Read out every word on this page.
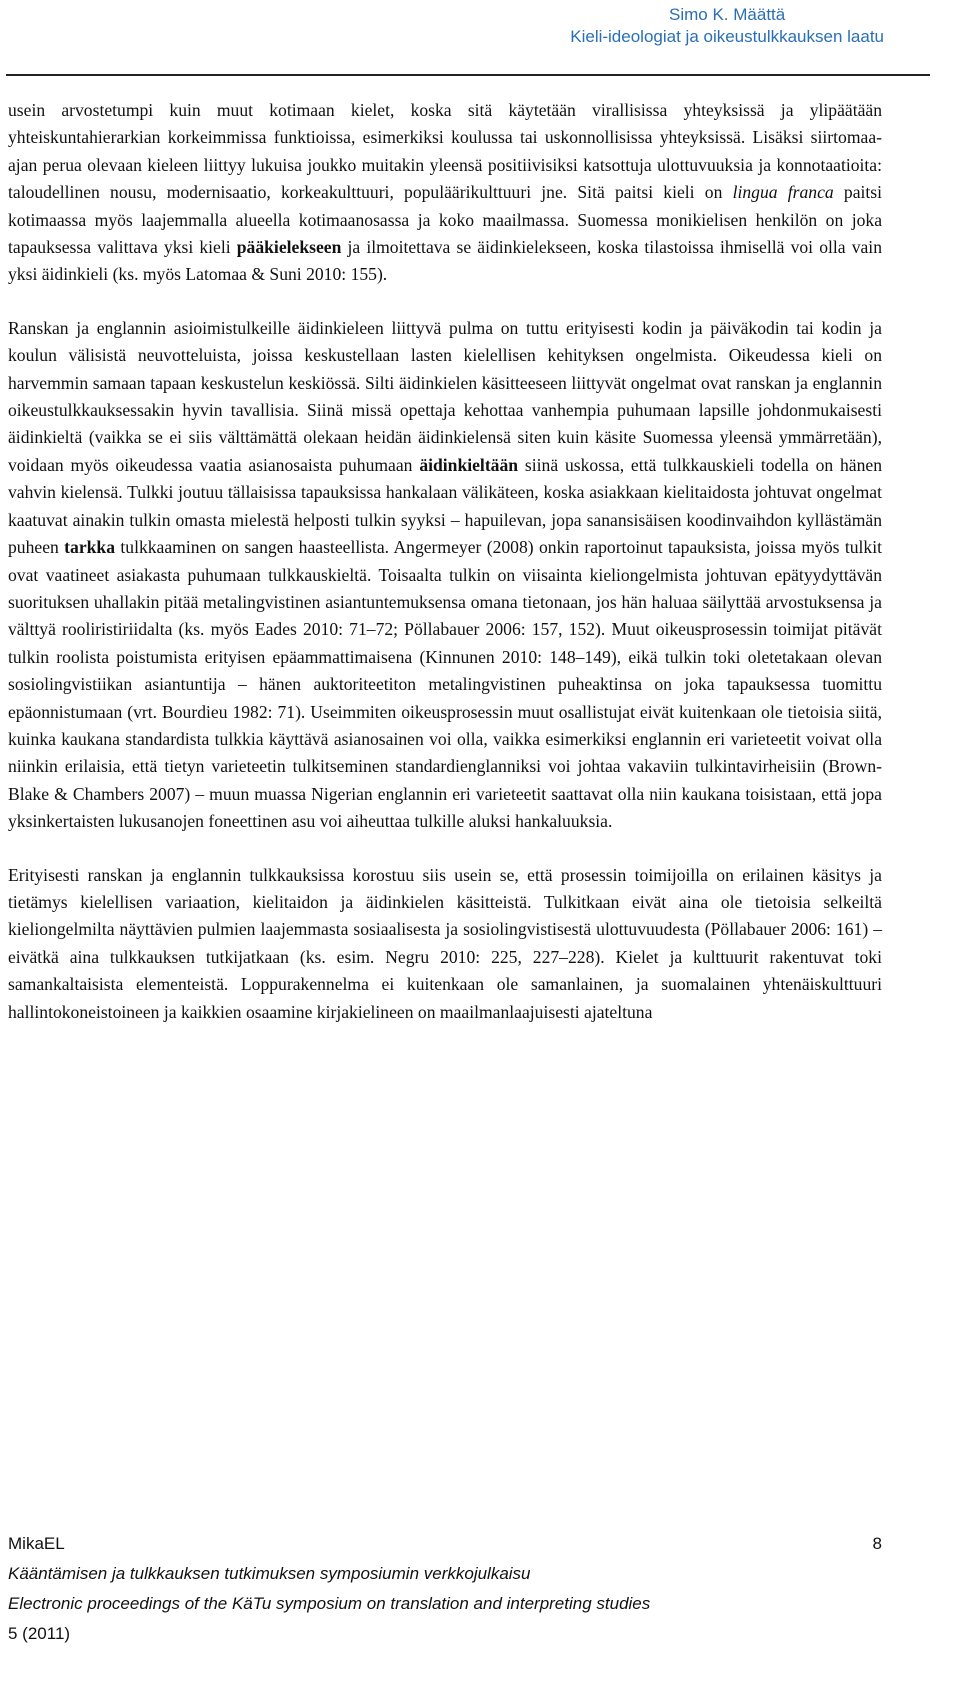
Simo K. Määttä
Kieli-ideologiat ja oikeustulkkauksen laatu

usein arvostetumpi kuin muut kotimaan kielet, koska sitä käytetään virallisissa yhteyksissä ja ylipäätään yhteiskuntahierarkian korkeimmissa funktioissa, esimerkiksi koulussa tai uskonnollisissa yhteyksissä. Lisäksi siirtomaa-ajan perua olevaan kieleen liittyy lukuisa joukko muitakin yleensä positiivisiksi katsottuja ulottuvuuksia ja konnotaatioita: taloudellinen nousu, modernisaatio, korkeakulttuuri, populäärikulttuuri jne. Sitä paitsi kieli on lingua franca paitsi kotimaassa myös laajemmalla alueella kotimaanosassa ja koko maailmassa. Suomessa monikielisen henkilön on joka tapauksessa valittava yksi kieli pääkielekseen ja ilmoitettava se äidinkielekseen, koska tilastoissa ihmisellä voi olla vain yksi äidinkieli (ks. myös Latomaa & Suni 2010: 155).

Ranskan ja englannin asioimistulkeille äidinkieleen liittyvä pulma on tuttu erityisesti kodin ja päiväkodin tai kodin ja koulun välisistä neuvotteluista, joissa keskustellaan lasten kielellisen kehityksen ongelmista. Oikeudessa kieli on harvemmin samaan tapaan keskustelun keskiössä. Silti äidinkielen käsitteeseen liittyvät ongelmat ovat ranskan ja englannin oikeustulkkauksessakin hyvin tavallisia. Siinä missä opettaja kehottaa vanhempia puhumaan lapsille johdonmukaisesti äidinkieltä (vaikka se ei siis välttämättä olekaan heidän äidinkielensä siten kuin käsite Suomessa yleensä ymmärretään), voidaan myös oikeudessa vaatia asianosaista puhumaan äidinkieltään siinä uskossa, että tulkkauskieli todella on hänen vahvin kielensä. Tulkki joutuu tällaisissa tapauksissa hankalaan välikäteen, koska asiakkaan kielitaidosta johtuvat ongelmat kaatuvat ainakin tulkin omasta mielestä helposti tulkin syyksi – hapuilevan, jopa sanansisäisen koodinvaihdon kyllästämän puheen tarkka tulkkaaminen on sangen haasteellista. Angermeyer (2008) onkin raportoinut tapauksista, joissa myös tulkit ovat vaatineet asiakasta puhumaan tulkkauskieltä. Toisaalta tulkin on viisainta kieliongelmista johtuvan epätyydyttävän suorituksen uhallakin pitää metalingvistinen asiantuntemuksensa omana tietonaan, jos hän haluaa säilyttää arvostuksensa ja välttyä rooliristiriidalta (ks. myös Eades 2010: 71–72; Pöllabauer 2006: 157, 152). Muut oikeusprosessin toimijat pitävät tulkin roolista poistumista erityisen epäammattimaisena (Kinnunen 2010: 148–149), eikä tulkin toki oletetakaan olevan sosiolingvistiikan asiantuntija – hänen auktoriteetiton metalingvistinen puheaktinsa on joka tapauksessa tuomittu epäonnistumaan (vrt. Bourdieu 1982: 71). Useimmiten oikeusprosessin muut osallistujat eivät kuitenkaan ole tietoisia siitä, kuinka kaukana standardista tulkkia käyttävä asianosainen voi olla, vaikka esimerkiksi englannin eri varieteetit voivat olla niinkin erilaisia, että tietyn varieteetin tulkitseminen standardienglanniksi voi johtaa vakaviin tulkintavirheisiin (Brown-Blake & Chambers 2007) – muun muassa Nigerian englannin eri varieteetit saattavat olla niin kaukana toisistaan, että jopa yksinkertaisten lukusanojen foneettinen asu voi aiheuttaa tulkille aluksi hankaluuksia.

Erityisesti ranskan ja englannin tulkkauksissa korostuu siis usein se, että prosessin toimijoilla on erilainen käsitys ja tietämys kielellisen variaation, kielitaidon ja äidinkielen käsitteistä. Tulkitkaan eivät aina ole tietoisia selkeiltä kieliongelmilta näyttävien pulmien laajemmasta sosiaalisesta ja sosiolingvistisestä ulottuvuudesta (Pöllabauer 2006: 161) – eivätkä aina tulkkauksen tutkijatkaan (ks. esim. Negru 2010: 225, 227–228). Kielet ja kulttuurit rakentuvat toki samankaltaisista elementeistä. Loppurakennelma ei kuitenkaan ole samanlainen, ja suomalainen yhtenäiskulttuuri hallintokoneistoineen ja kaikkien osaamine kirjakielineen on maailmanlaajuisesti ajateltuna

MikaEL	8
Kääntämisen ja tulkkauksen tutkimuksen symposiumin verkkojulkaisu
Electronic proceedings of the KäTu symposium on translation and interpreting studies
5 (2011)
